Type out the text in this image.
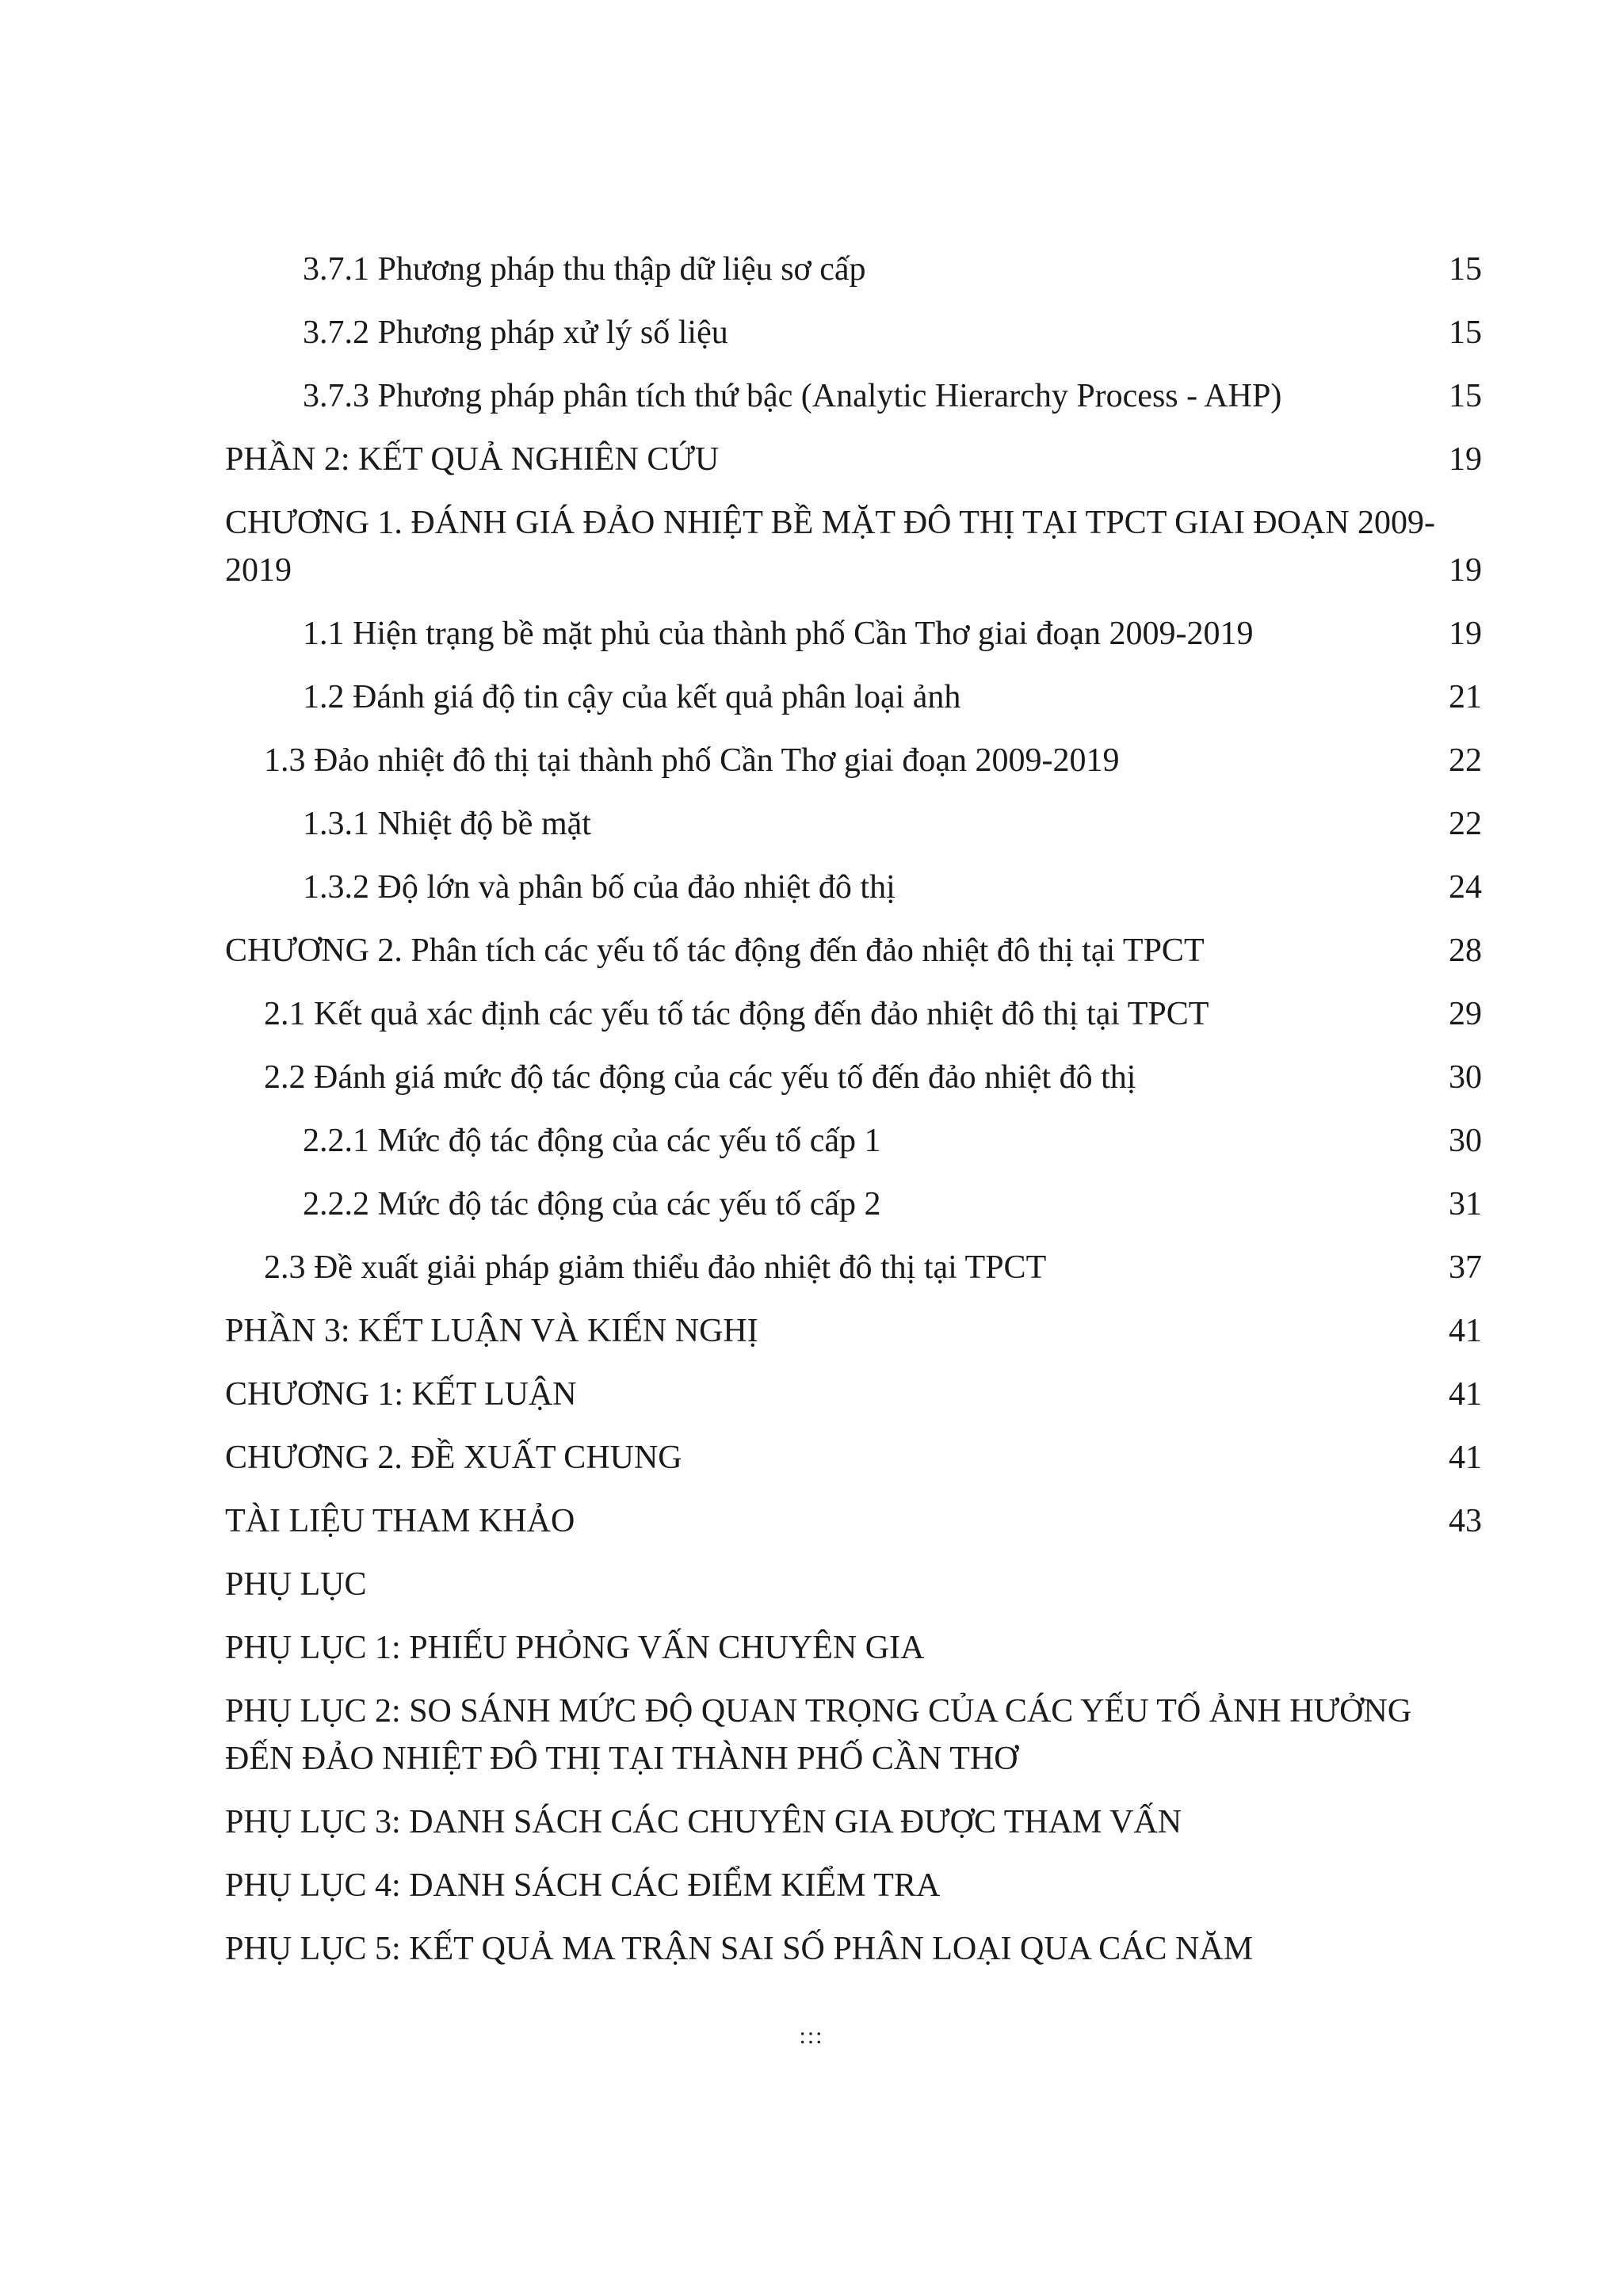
3.7.1 Phương pháp thu thập dữ liệu sơ cấp	15
3.7.2 Phương pháp xử lý số liệu	15
3.7.3 Phương pháp phân tích thứ bậc (Analytic Hierarchy Process - AHP)	15
PHẦN 2: KẾT QUẢ NGHIÊN CỨU	19
CHƯƠNG 1. ĐÁNH GIÁ ĐẢO NHIỆT BỀ MẶT ĐÔ THỊ TẠI TPCT GIAI ĐOẠN 2009-
2019	19
1.1 Hiện trạng bề mặt phủ của thành phố Cần Thơ giai đoạn 2009-2019	19
1.2 Đánh giá độ tin cậy của kết quả phân loại ảnh	21
1.3 Đảo nhiệt đô thị tại thành phố Cần Thơ giai đoạn 2009-2019	22
1.3.1 Nhiệt độ bề mặt	22
1.3.2 Độ lớn và phân bố của đảo nhiệt đô thị	24
CHƯƠNG 2. Phân tích các yếu tố tác động đến đảo nhiệt đô thị tại TPCT	28
2.1 Kết quả xác định các yếu tố tác động đến đảo nhiệt đô thị tại TPCT	29
2.2 Đánh giá mức độ tác động của các yếu tố đến đảo nhiệt đô thị	30
2.2.1 Mức độ tác động của các yếu tố cấp 1	30
2.2.2 Mức độ tác động của các yếu tố cấp 2	31
2.3 Đề xuất giải pháp giảm thiểu đảo nhiệt đô thị tại TPCT	37
PHẦN 3: KẾT LUẬN VÀ KIẾN NGHỊ	41
CHƯƠNG 1: KẾT LUẬN	41
CHƯƠNG 2. ĐỀ XUẤT CHUNG	41
TÀI LIỆU THAM KHẢO	43
PHỤ LỤC
PHỤ LỤC 1: PHIẾU PHỎNG VẤN CHUYÊN GIA
PHỤ LỤC 2: SO SÁNH MỨC ĐỘ QUAN TRỌNG CỦA CÁC YẾU TỐ ẢNH HƯỞNG
ĐẾN ĐẢO NHIỆT ĐÔ THỊ TẠI THÀNH PHỐ CẦN THƠ
PHỤ LỤC 3: DANH SÁCH CÁC CHUYÊN GIA ĐƯỢC THAM VẤN
PHỤ LỤC 4: DANH SÁCH CÁC ĐIỂM KIỂM TRA
PHỤ LỤC 5: KẾT QUẢ MA TRẬN SAI SỐ PHÂN LOẠI QUA CÁC NĂM
:::
